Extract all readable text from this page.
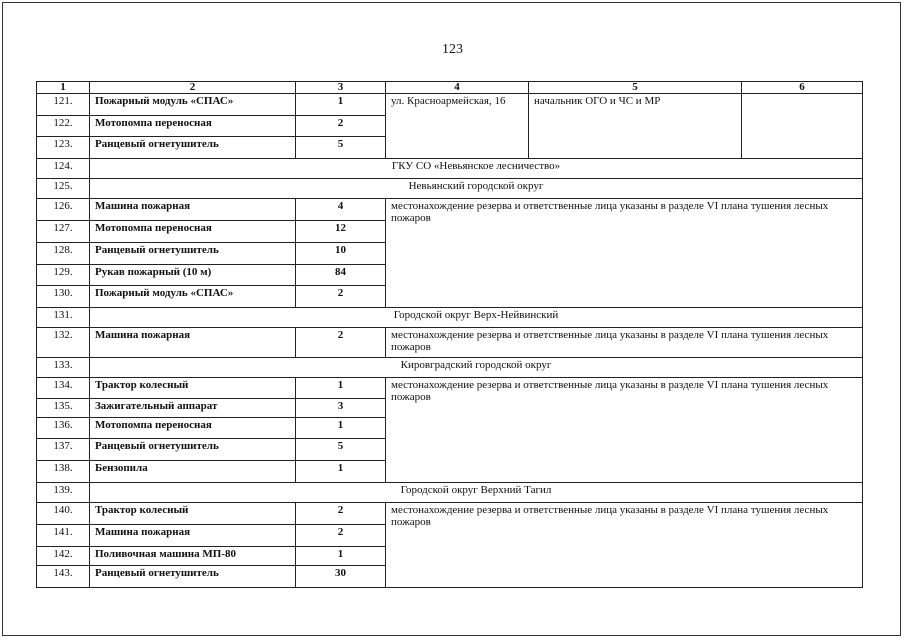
123
1	2	3	4	5	6
121.	Пожарный модуль «СПАС»	1	ул. Красноармейская, 16	начальник ОГО и ЧС и МР	
122.	Мотопомпа переносная	2			
123.	Ранцевый огнетушитель	5			
124.	ГКУ СО «Невьянское лесничество»				
125.	Невьянский городской округ				
126.	Машина пожарная	4	местонахождение резерва и ответственные лица указаны в разделе VI плана тушения лесных пожаров		
127.	Мотопомпа переносная	12			
128.	Ранцевый огнетушитель	10			
129.	Рукав пожарный (10 м)	84			
130.	Пожарный модуль «СПАС»	2			
131.	Городской округ Верх-Нейвинский				
132.	Машина пожарная	2	местонахождение резерва и ответственные лица указаны в разделе VI плана тушения лесных пожаров		
133.	Кировградский городской округ				
134.	Трактор колесный	1	местонахождение резерва и ответственные лица указаны в разделе VI плана тушения лесных пожаров		
135.	Зажигательный аппарат	3			
136.	Мотопомпа переносная	1			
137.	Ранцевый огнетушитель	5			
138.	Бензопила	1			
139.	Городской округ Верхний Тагил				
140.	Трактор колесный	2	местонахождение резерва и ответственные лица указаны в разделе VI плана тушения лесных пожаров		
141.	Машина пожарная	2			
142.	Поливочная машина МП-80	1			
143.	Ранцевый огнетушитель	30			
